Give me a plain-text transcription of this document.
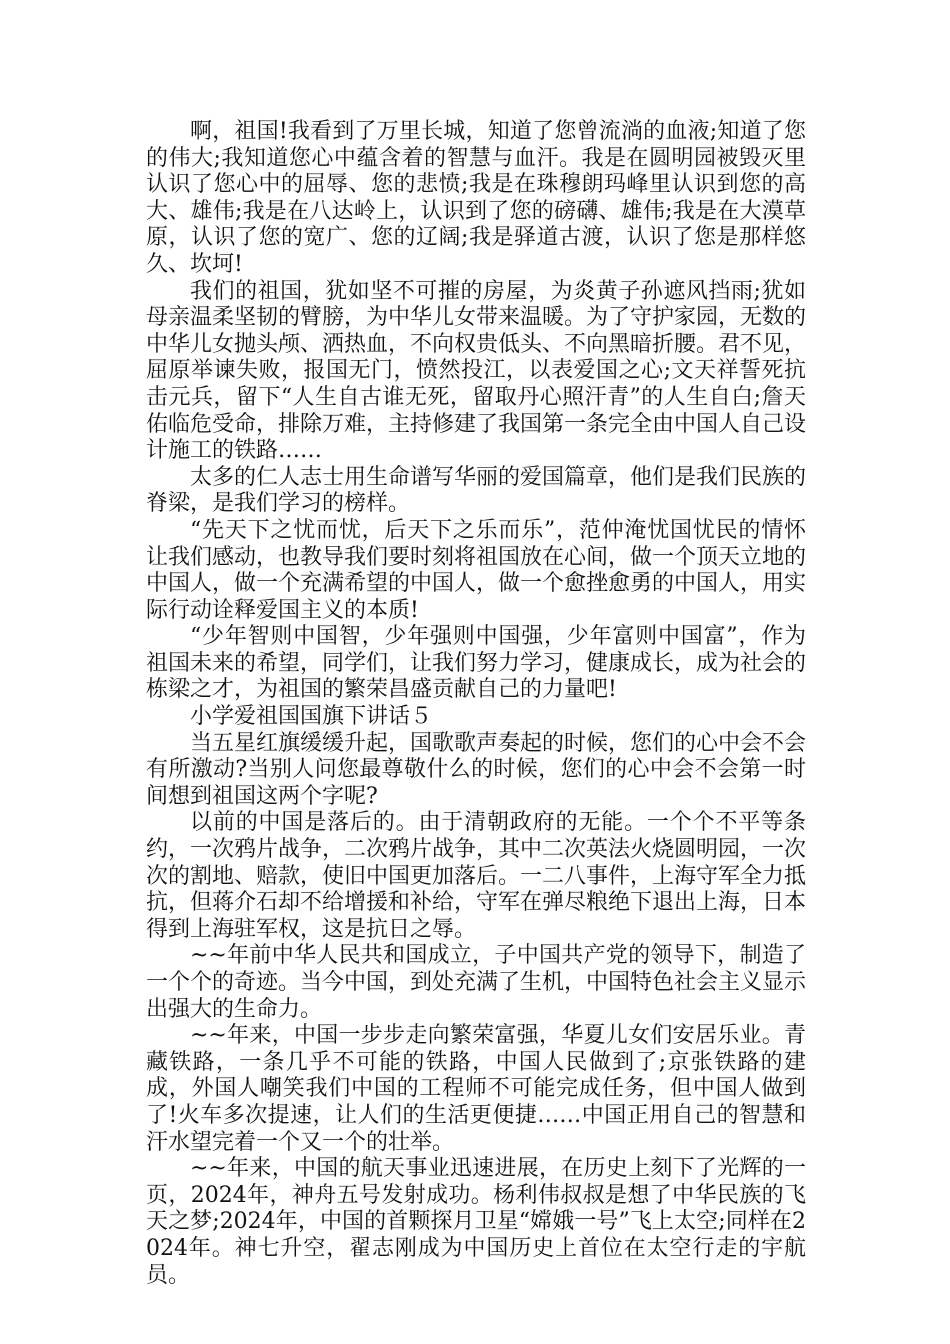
啊，祖国!我看到了万里长城，知道了您曾流淌的血液;知道了您的伟大;我知道您心中蕴含着的智慧与血汗。我是在圆明园被毁灭里认识了您心中的屈辱、您的悲愤;我是在珠穆朗玛峰里认识到您的高大、雄伟;我是在八达岭上，认识到了您的磅礴、雄伟;我是在大漠草原，认识了您的宽广、您的辽阔;我是驿道古渡，认识了您是那样悠久、坎坷!

我们的祖国，犹如坚不可摧的房屋，为炎黄子孙遮风挡雨;犹如母亲温柔坚韧的臂膀，为中华儿女带来温暖。为了守护家园，无数的中华儿女抛头颅、洒热血，不向权贵低头、不向黑暗折腰。君不见，屈原举谏失败，报国无门，愤然投江，以表爱国之心;文天祥誓死抗击元兵，留下“人生自古谁无死，留取丹心照汗青”的人生自白;詹天佑临危受命，排除万难，主持修建了我国第一条完全由中国人自己设计施工的铁路……

太多的仁人志士用生命谱写华丽的爱国篇章，他们是我们民族的脊梁，是我们学习的榜样。

“先天下之忧而忧，后天下之乐而乐”，范仲淹忧国忧民的情怀让我们感动，也教导我们要时刻将祖国放在心间，做一个顶天立地的中国人，做一个充满希望的中国人，做一个愈挫愈勇的中国人，用实际行动诠释爱国主义的本质!

“少年智则中国智，少年强则中国强，少年富则中国富”，作为祖国未来的希望，同学们，让我们努力学习，健康成长，成为社会的栋梁之才，为祖国的繁荣昌盛贡献自己的力量吧!

小学爱祖国国旗下讲话５

当五星红旗缓缓升起，国歌歌声奏起的时候，您们的心中会不会有所激动?当别人问您最尊敬什么的时候，您们的心中会不会第一时间想到祖国这两个字呢?

以前的中国是落后的。由于清朝政府的无能。一个个不平等条约，一次鸦片战争，二次鸦片战争，其中二次英法火烧圆明园，一次次的割地、赔款，使旧中国更加落后。一二八事件，上海守军全力抵抗，但蒋介石却不给增援和补给，守军在弹尽粮绝下退出上海，日本得到上海驻军权，这是抗日之辱。

~~年前中华人民共和国成立，子中国共产党的领导下，制造了一个个的奇迹。当今中国，到处充满了生机，中国特色社会主义显示出强大的生命力。

~~年来，中国一步步走向繁荣富强，华夏儿女们安居乐业。青藏铁路，一条几乎不可能的铁路，中国人民做到了;京张铁路的建成，外国人嘲笑我们中国的工程师不可能完成任务，但中国人做到了!火车多次提速，让人们的生活更便捷……中国正用自己的智慧和汗水望完着一个又一个的壮举。

~~年来，中国的航天事业迅速进展，在历史上刻下了光辉的一页，2024年，神舟五号发射成功。杨利伟叔叔是想了中华民族的飞天之梦;2024年，中国的首颗探月卫星“嫦娥一号”飞上太空;同样在2024年。神七升空，翟志刚成为中国历史上首位在太空行走的宇航员。
